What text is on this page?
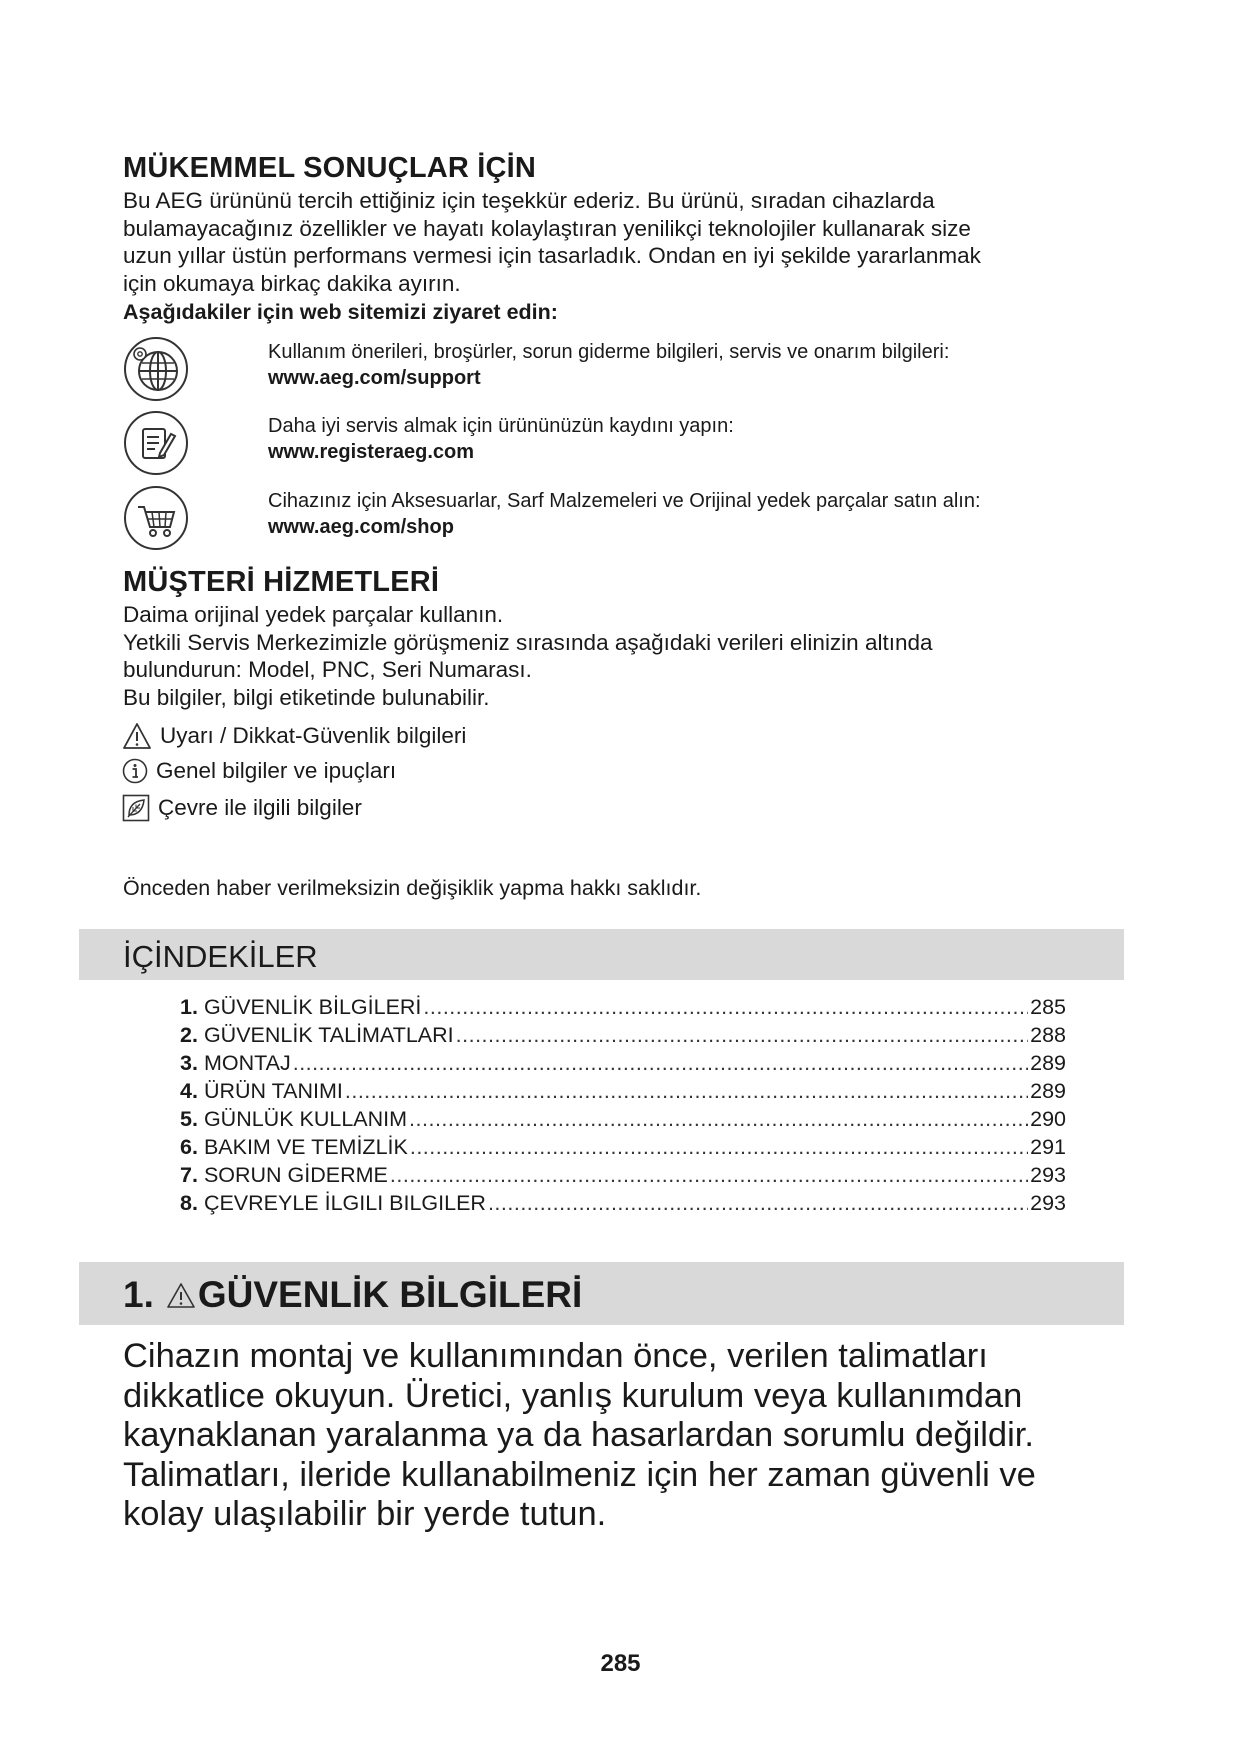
MÜKEMMEL SONUÇLAR İÇİN
Bu AEG ürününü tercih ettiğiniz için teşekkür ederiz. Bu ürünü, sıradan cihazlarda
bulamayacağınız özellikler ve hayatı kolaylaştıran yenilikçi teknolojiler kullanarak size
uzun yıllar üstün performans vermesi için tasarladık. Ondan en iyi şekilde yararlanmak
için okumaya birkaç dakika ayırın.
Aşağıdakiler için web sitemizi ziyaret edin:
Kullanım önerileri, broşürler, sorun giderme bilgileri, servis ve onarım bilgileri:
www.aeg.com/support
Daha iyi servis almak için ürününüzün kaydını yapın:
www.registeraeg.com
Cihazınız için Aksesuarlar, Sarf Malzemeleri ve Orijinal yedek parçalar satın alın:
www.aeg.com/shop
MÜŞTERİ HİZMETLERİ
Daima orijinal yedek parçalar kullanın.
Yetkili Servis Merkezimizle görüşmeniz sırasında aşağıdaki verileri elinizin altında
bulundurun: Model, PNC, Seri Numarası.
Bu bilgiler, bilgi etiketinde bulunabilir.
Uyarı / Dikkat-Güvenlik bilgileri
Genel bilgiler ve ipuçları
Çevre ile ilgili bilgiler
Önceden haber verilmeksizin değişiklik yapma hakkı saklıdır.
İÇİNDEKİLER
1. GÜVENLİK BİLGİLERİ .....	285
2. GÜVENLİK TALİMATLARI .....	288
3. MONTAJ .....	289
4. ÜRÜN TANIMI .....	289
5. GÜNLÜK KULLANIM .....	290
6. BAKIM VE TEMİZLİK .....	291
7. SORUN GİDERME .....	293
8. ÇEVREYLE İLGILI BILGILER .....	293
1. GÜVENLİK BİLGİLERİ
Cihazın montaj ve kullanımından önce, verilen talimatları
dikkatlice okuyun. Üretici, yanlış kurulum veya kullanımdan
kaynaklanan yaralanma ya da hasarlardan sorumlu değildir.
Talimatları, ileride kullanabilmeniz için her zaman güvenli ve
kolay ulaşılabilir bir yerde tutun.
285
